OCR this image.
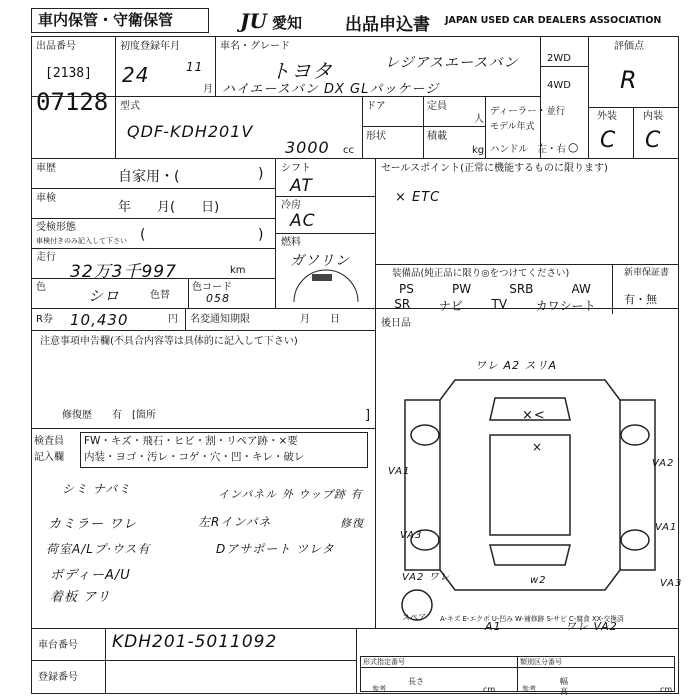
車内保管・守衛保管	JU 愛知	出品申込書 JAPAN USED CAR DEALERS ASSOCIATION
出品番号
[2138]
07128
初度登録年月
24	11
月
車名・グレード
トヨタ	レジアスエースバン
ハイエースバン DX GLパッケージ
2WD
4WD
評価点
R
外装	内装
C C
型式
QDF-KDH201V
ドア	定員
人
形状	積載
kg
3000 cc
ディーラー・並行
モデル年式
ハンドル　左・右 ○
車歴
自家用・(	)
車検
年　　月(　　日)
受検形態
車検付きのみ記入して下さい (	)
走行
32万3千997	km
色	シロ	色替
色コード
058
シフト
AT
冷房
AC
燃料
ガソリン
セールスポイント(正常に機能するものに限ります)
× ETC
装備品(純正品に限り◎をつけてください)
PS	PW	SRB	AW
SR ナビ TV カワシート
新車保証書
有・無
R券 10,430	円 名変通知期限	月　　日	後日品
注意事項申告欄(不具合内容等は具体的に記入して下さい)
修復歴　　有　[箇所	]
検査員
記入欄
FW・キズ・飛石・ヒビ・割・リペア跡・×要
内装・ヨゴ・汚レ・コゲ・穴・凹・キレ・破レ
シミ ナバミ	インパネル 外 ウップ跡 有
修復
カミラー ワレ	左Rインパネ
荷室A/Lプ·ウス有	Dアサポート ツレタ
ボディーA/U
着板 アリ
ワレ A2 スリA
×<
×
VA1
VA3
VA2 ワレ
VA2
VA1
VA3
A1	ワレ VA2
w2
スペア A-キズ E-エクボ U-凹み W-補修跡 S-サビ C-腐食 XX-交換済
車台番号 KDH201-5011092
登録番号
形式指定番号
参考
類別区分番号
参考
長さ
cm
幅
高	cm
